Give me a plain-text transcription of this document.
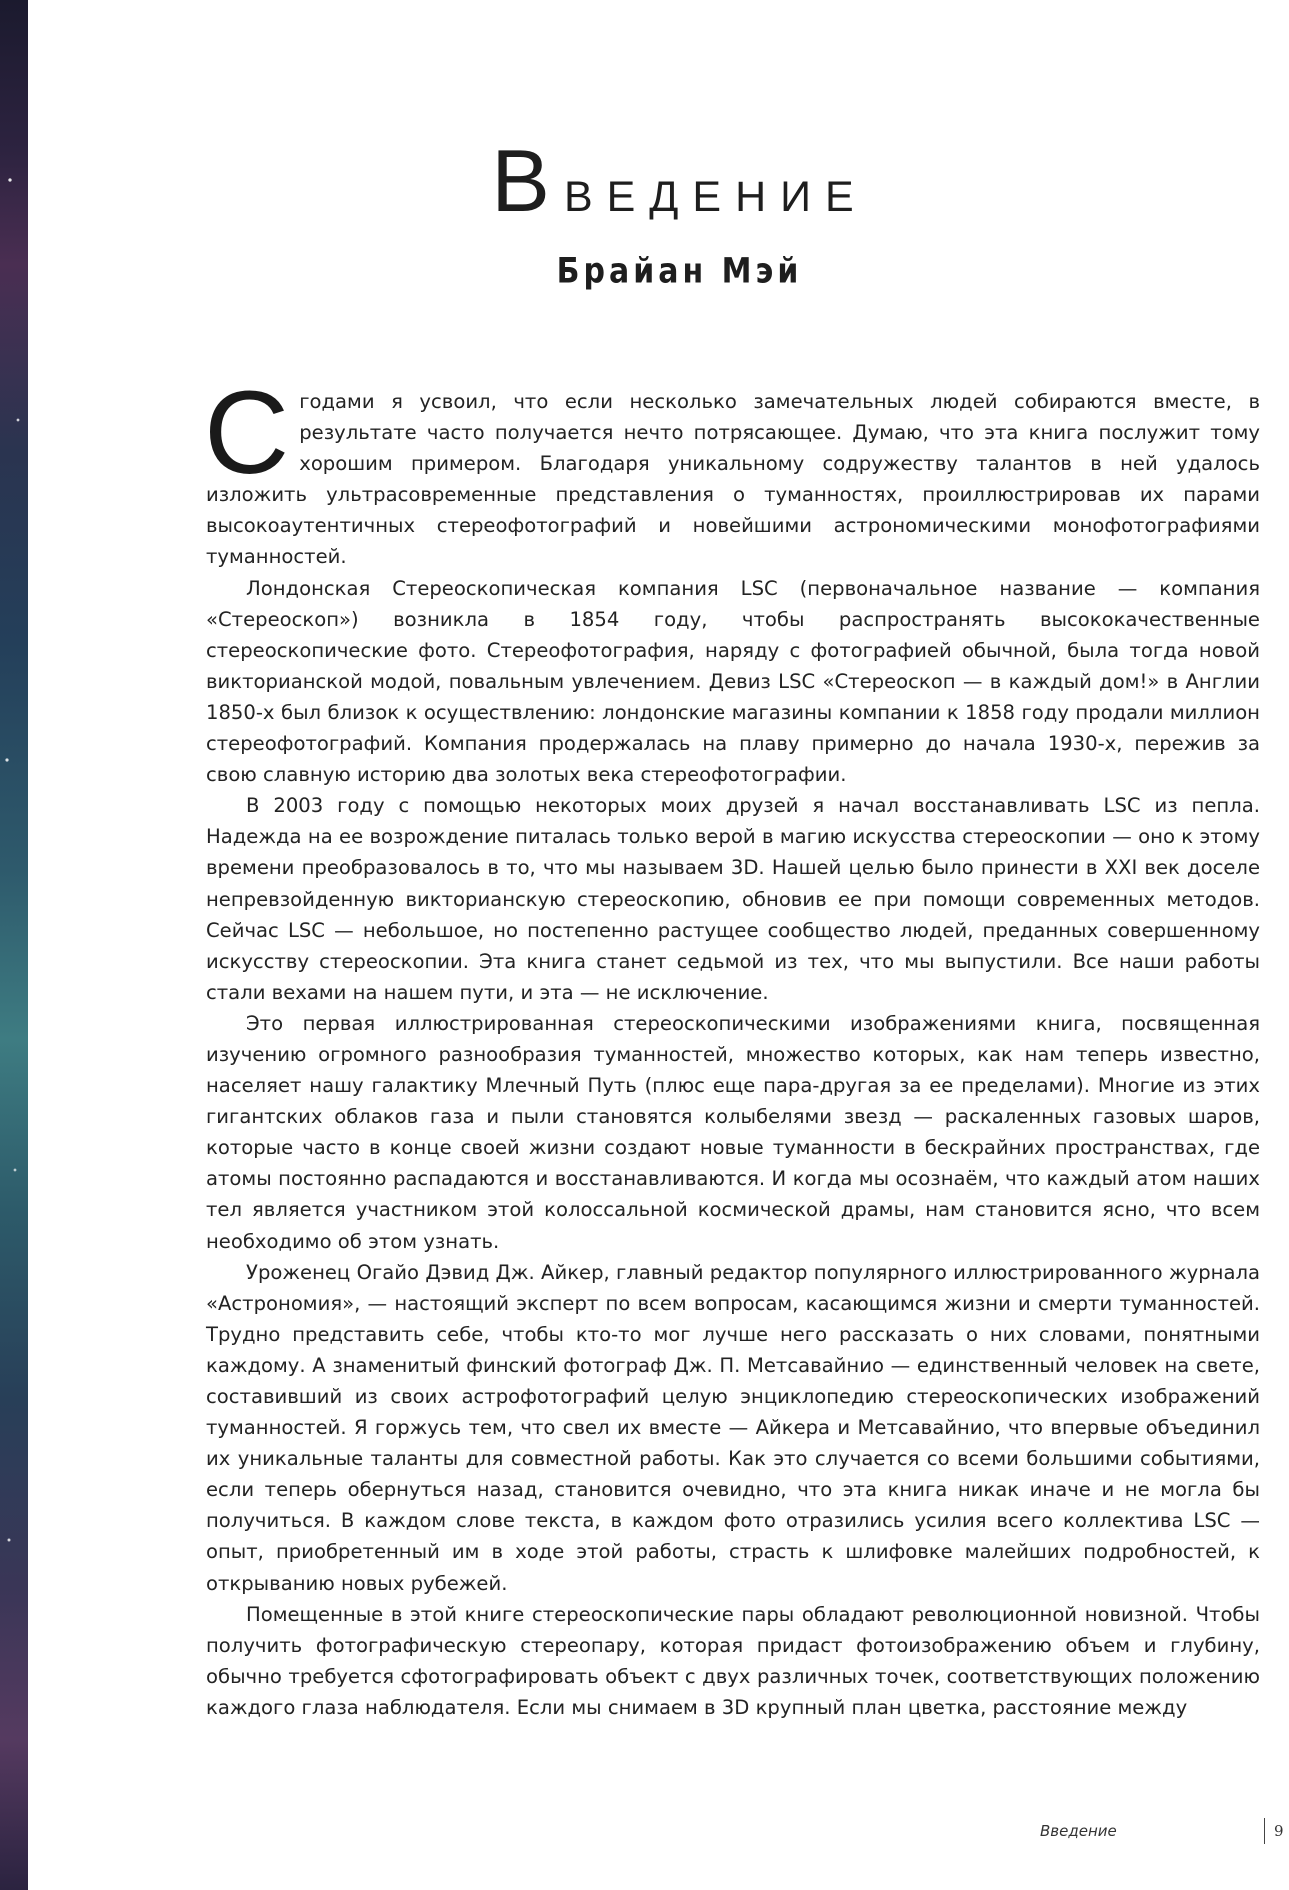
Введение
Брайан Мэй

Сгодами я усвоил, что если несколько замечательных людей собираются вместе, в результате часто получается нечто потрясающее. Думаю, что эта книга послужит тому хорошим примером. Благодаря уникальному содружеству талантов в ней удалось изложить ультрасовременные представления о туманностях, проиллюстрировав их парами высокоаутентичных стереофотографий и новейшими астрономическими монофотографиями туманностей.

Лондонская Стереоскопическая компания LSC (первоначальное название — компания «Стереоскоп») возникла в 1854 году, чтобы распространять высококачественные стереоскопические фото. Стереофотография, наряду с фотографией обычной, была тогда новой викторианской модой, повальным увлечением. Девиз LSC «Стереоскоп — в каждый дом!» в Англии 1850-х был близок к осуществлению: лондонские магазины компании к 1858 году продали миллион стереофотографий. Компания продержалась на плаву примерно до начала 1930-х, пережив за свою славную историю два золотых века стереофотографии.

В 2003 году с помощью некоторых моих друзей я начал восстанавливать LSC из пепла. Надежда на ее возрождение питалась только верой в магию искусства стереоскопии — оно к этому времени преобразовалось в то, что мы называем 3D. Нашей целью было принести в XXI век доселе непревзойденную викторианскую стереоскопию, обновив ее при помощи современных методов. Сейчас LSC — небольшое, но постепенно растущее сообщество людей, преданных совершенному искусству стереоскопии. Эта книга станет седьмой из тех, что мы выпустили. Все наши работы стали вехами на нашем пути, и эта — не исключение.

Это первая иллюстрированная стереоскопическими изображениями книга, посвященная изучению огромного разнообразия туманностей, множество которых, как нам теперь известно, населяет нашу галактику Млечный Путь (плюс еще пара-другая за ее пределами). Многие из этих гигантских облаков газа и пыли становятся колыбелями звезд — раскаленных газовых шаров, которые часто в конце своей жизни создают новые туманности в бескрайних пространствах, где атомы постоянно распадаются и восстанавливаются. И когда мы осознаём, что каждый атом наших тел является участником этой колоссальной космической драмы, нам становится ясно, что всем необходимо об этом узнать.

Уроженец Огайо Дэвид Дж. Айкер, главный редактор популярного иллюстрированного журнала «Астрономия», — настоящий эксперт по всем вопросам, касающимся жизни и смерти туманностей. Трудно представить себе, чтобы кто-то мог лучше него рассказать о них словами, понятными каждому. А знаменитый финский фотограф Дж. П. Метсавайнио — единственный человек на свете, составивший из своих астрофотографий целую энциклопедию стереоскопических изображений туманностей. Я горжусь тем, что свел их вместе — Айкера и Метсавайнио, что впервые объединил их уникальные таланты для совместной работы. Как это случается со всеми большими событиями, если теперь обернуться назад, становится очевидно, что эта книга никак иначе и не могла бы получиться. В каждом слове текста, в каждом фото отразились усилия всего коллектива LSC — опыт, приобретенный им в ходе этой работы, страсть к шлифовке малейших подробностей, к открыванию новых рубежей.

Помещенные в этой книге стереоскопические пары обладают революционной новизной. Чтобы получить фотографическую стереопару, которая придаст фотоизображению объем и глубину, обычно требуется сфотографировать объект с двух различных точек, соответствующих положению каждого глаза наблюдателя. Если мы снимаем в 3D крупный план цветка, расстояние между

Введение	9
